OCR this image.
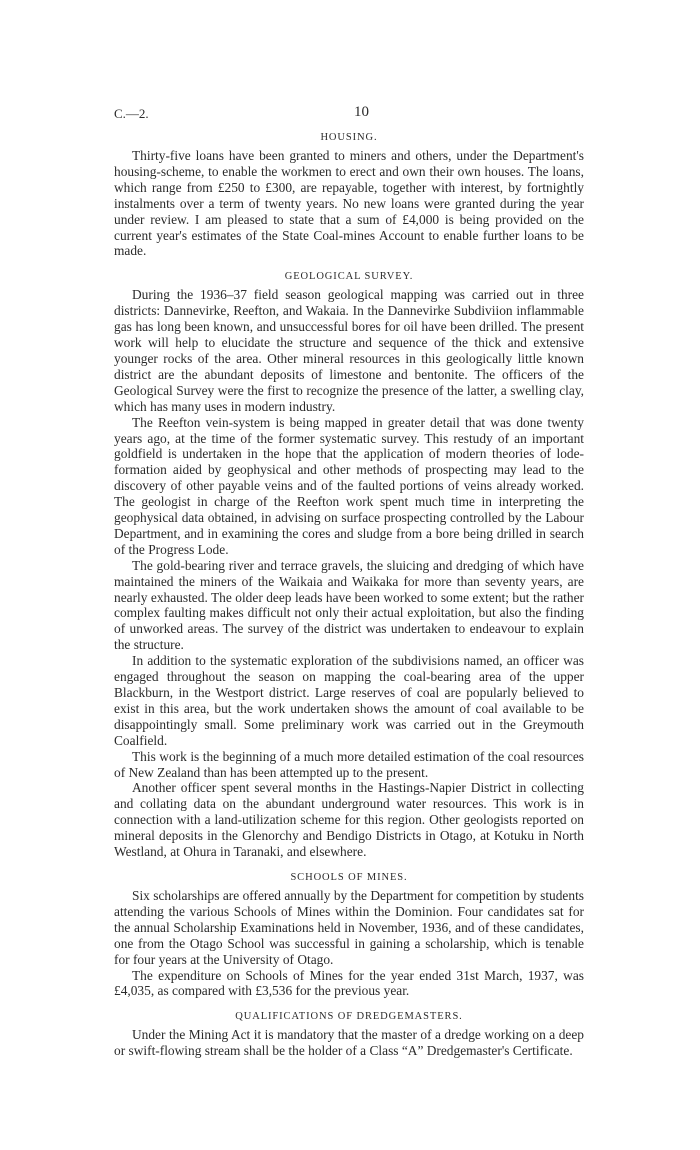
C.—2.	10
HOUSING.

Thirty-five loans have been granted to miners and others, under the Department's housing-scheme, to enable the workmen to erect and own their own houses. The loans, which range from £250 to £300, are repayable, together with interest, by fortnightly instalments over a term of twenty years. No new loans were granted during the year under review. I am pleased to state that a sum of £4,000 is being provided on the current year's estimates of the State Coal-mines Account to enable further loans to be made.

GEOLOGICAL SURVEY.

During the 1936–37 field season geological mapping was carried out in three districts: Dannevirke, Reefton, and Wakaia. In the Dannevirke Subdiviion inflammable gas has long been known, and unsuccessful bores for oil have been drilled. The present work will help to elucidate the structure and sequence of the thick and extensive younger rocks of the area. Other mineral resources in this geologically little known district are the abundant deposits of limestone and bentonite. The officers of the Geological Survey were the first to recognize the presence of the latter, a swelling clay, which has many uses in modern industry.

The Reefton vein-system is being mapped in greater detail that was done twenty years ago, at the time of the former systematic survey. This restudy of an important goldfield is undertaken in the hope that the application of modern theories of lode-formation aided by geophysical and other methods of prospecting may lead to the discovery of other payable veins and of the faulted portions of veins already worked. The geologist in charge of the Reefton work spent much time in interpreting the geophysical data obtained, in advising on surface prospecting controlled by the Labour Department, and in examining the cores and sludge from a bore being drilled in search of the Progress Lode.

The gold-bearing river and terrace gravels, the sluicing and dredging of which have maintained the miners of the Waikaia and Waikaka for more than seventy years, are nearly exhausted. The older deep leads have been worked to some extent; but the rather complex faulting makes difficult not only their actual exploitation, but also the finding of unworked areas. The survey of the district was undertaken to endeavour to explain the structure.

In addition to the systematic exploration of the subdivisions named, an officer was engaged throughout the season on mapping the coal-bearing area of the upper Blackburn, in the Westport district. Large reserves of coal are popularly believed to exist in this area, but the work undertaken shows the amount of coal available to be disappointingly small. Some preliminary work was carried out in the Greymouth Coalfield.

This work is the beginning of a much more detailed estimation of the coal resources of New Zealand than has been attempted up to the present.

Another officer spent several months in the Hastings-Napier District in collecting and collating data on the abundant underground water resources. This work is in connection with a land-utilization scheme for this region. Other geologists reported on mineral deposits in the Glenorchy and Bendigo Districts in Otago, at Kotuku in North Westland, at Ohura in Taranaki, and elsewhere.

SCHOOLS OF MINES.

Six scholarships are offered annually by the Department for competition by students attending the various Schools of Mines within the Dominion. Four candidates sat for the annual Scholarship Examinations held in November, 1936, and of these candidates, one from the Otago School was successful in gaining a scholarship, which is tenable for four years at the University of Otago.

The expenditure on Schools of Mines for the year ended 31st March, 1937, was £4,035, as compared with £3,536 for the previous year.

QUALIFICATIONS OF DREDGEMASTERS.

Under the Mining Act it is mandatory that the master of a dredge working on a deep or swift-flowing stream shall be the holder of a Class “A” Dredgemaster's Certificate.
